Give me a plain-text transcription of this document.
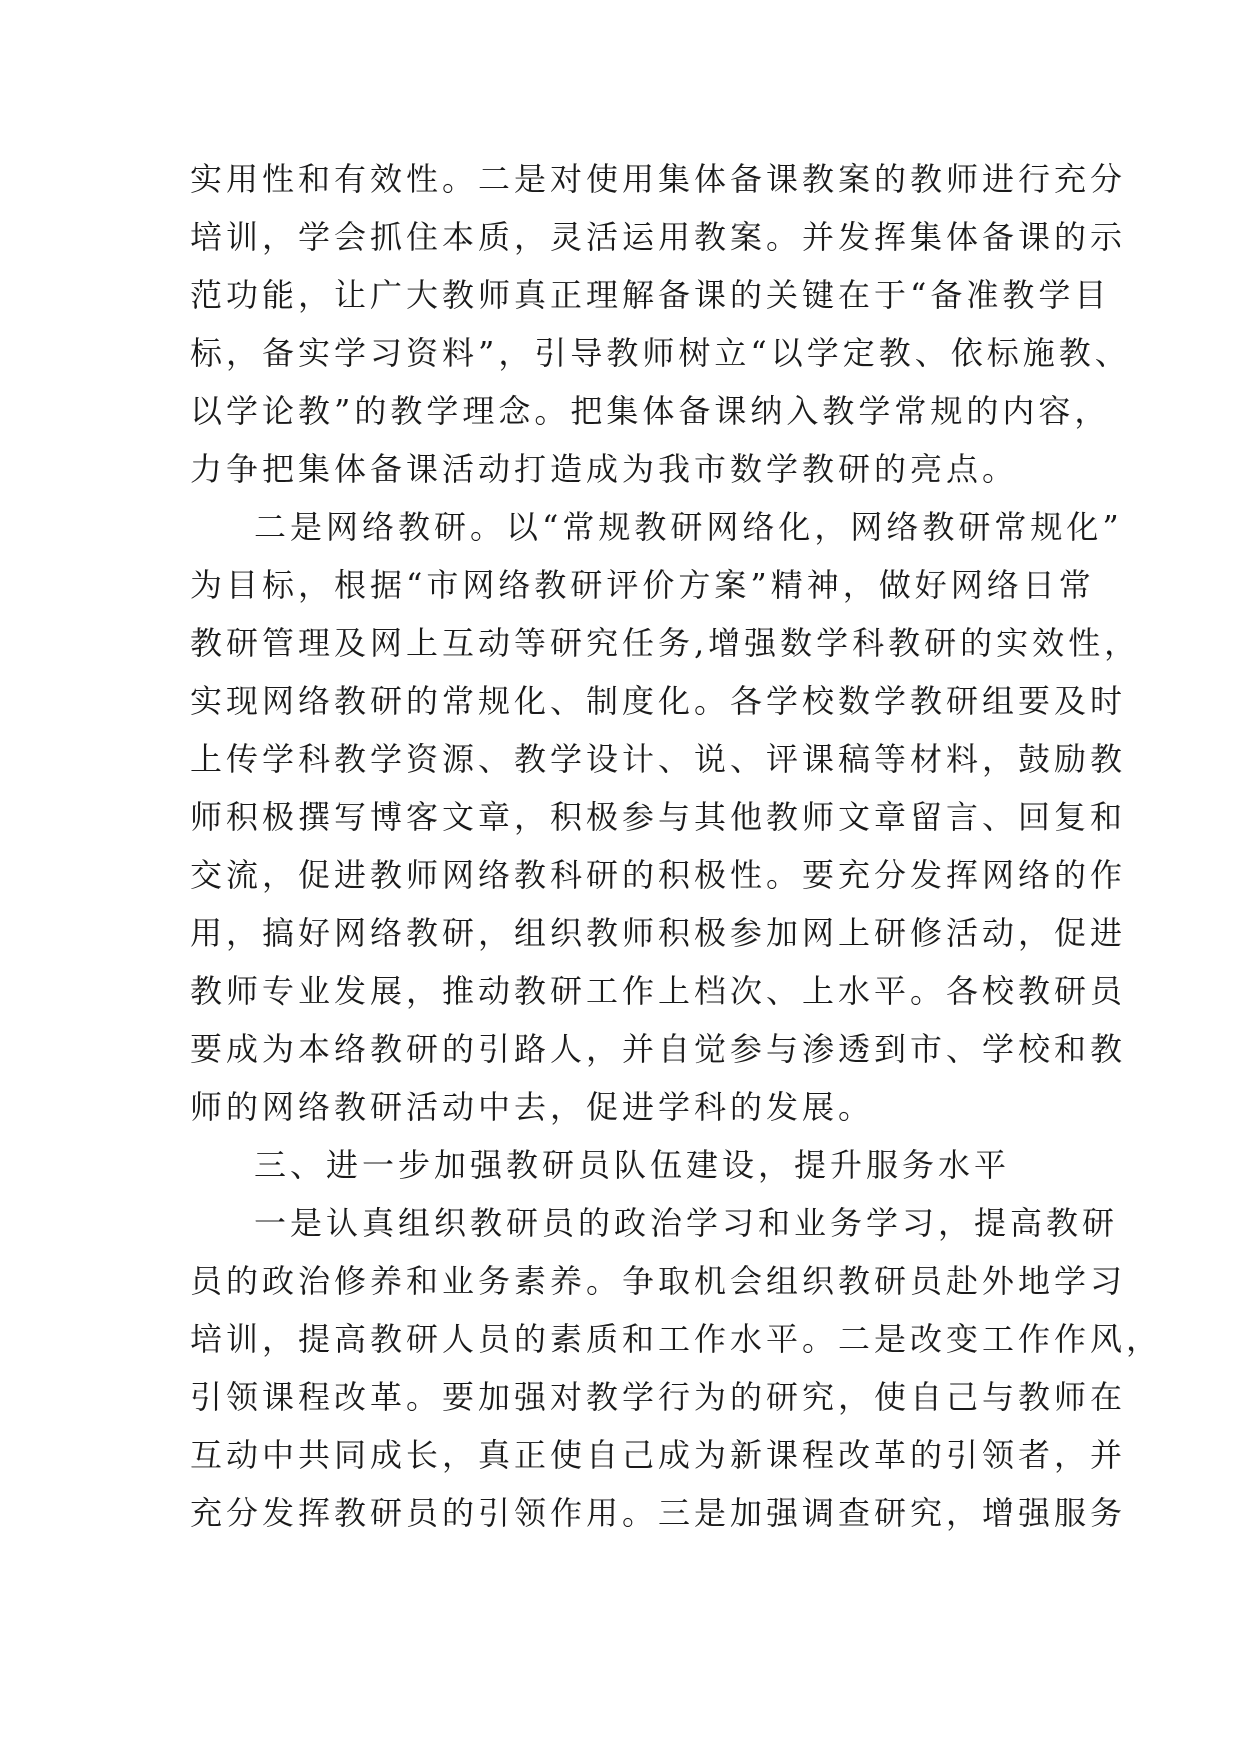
实用性和有效性。二是对使用集体备课教案的教师进行充分
培训，学会抓住本质，灵活运用教案。并发挥集体备课的示
范功能，让广大教师真正理解备课的关键在于“备准教学目
标，备实学习资料”，引导教师树立“以学定教、依标施教、
以学论教”的教学理念。把集体备课纳入教学常规的内容，
力争把集体备课活动打造成为我市数学教研的亮点。
二是网络教研。以“常规教研网络化，网络教研常规化”
为目标，根据“市网络教研评价方案”精神，做好网络日常
教研管理及网上互动等研究任务,增强数学科教研的实效性，
实现网络教研的常规化、制度化。各学校数学教研组要及时
上传学科教学资源、教学设计、说、评课稿等材料，鼓励教
师积极撰写博客文章，积极参与其他教师文章留言、回复和
交流，促进教师网络教科研的积极性。要充分发挥网络的作
用，搞好网络教研，组织教师积极参加网上研修活动，促进
教师专业发展，推动教研工作上档次、上水平。各校教研员
要成为本络教研的引路人，并自觉参与渗透到市、学校和教
师的网络教研活动中去，促进学科的发展。
三、进一步加强教研员队伍建设，提升服务水平
一是认真组织教研员的政治学习和业务学习，提高教研
员的政治修养和业务素养。争取机会组织教研员赴外地学习
培训，提高教研人员的素质和工作水平。二是改变工作作风，
引领课程改革。要加强对教学行为的研究，使自己与教师在
互动中共同成长，真正使自己成为新课程改革的引领者，并
充分发挥教研员的引领作用。三是加强调查研究，增强服务
